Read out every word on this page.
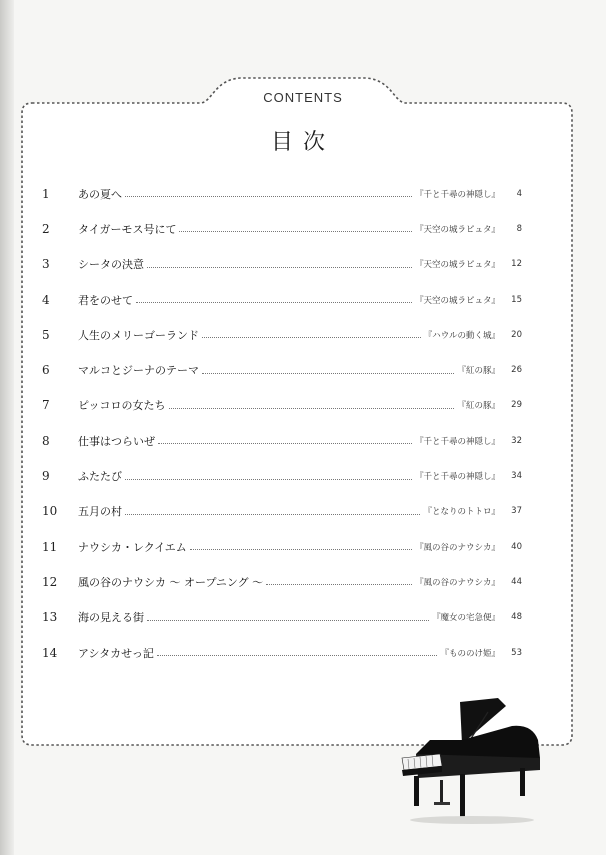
CONTENTS
目次
1	あの夏へ	『千と千尋の神隠し』	4
2	タイガーモス号にて	『天空の城ラピュタ』	8
3	シータの決意	『天空の城ラピュタ』	12
4	君をのせて	『天空の城ラピュタ』	15
5	人生のメリーゴーランド	『ハウルの動く城』	20
6	マルコとジーナのテーマ	『紅の豚』	26
7	ピッコロの女たち	『紅の豚』	29
8	仕事はつらいぜ	『千と千尋の神隠し』	32
9	ふたたび	『千と千尋の神隠し』	34
10	五月の村	『となりのトトロ』	37
11	ナウシカ・レクイエム	『風の谷のナウシカ』	40
12	風の谷のナウシカ ～ オープニング ～	『風の谷のナウシカ』	44
13	海の見える街	『魔女の宅急便』	48
14	アシタカせっ記	『もののけ姫』	53
